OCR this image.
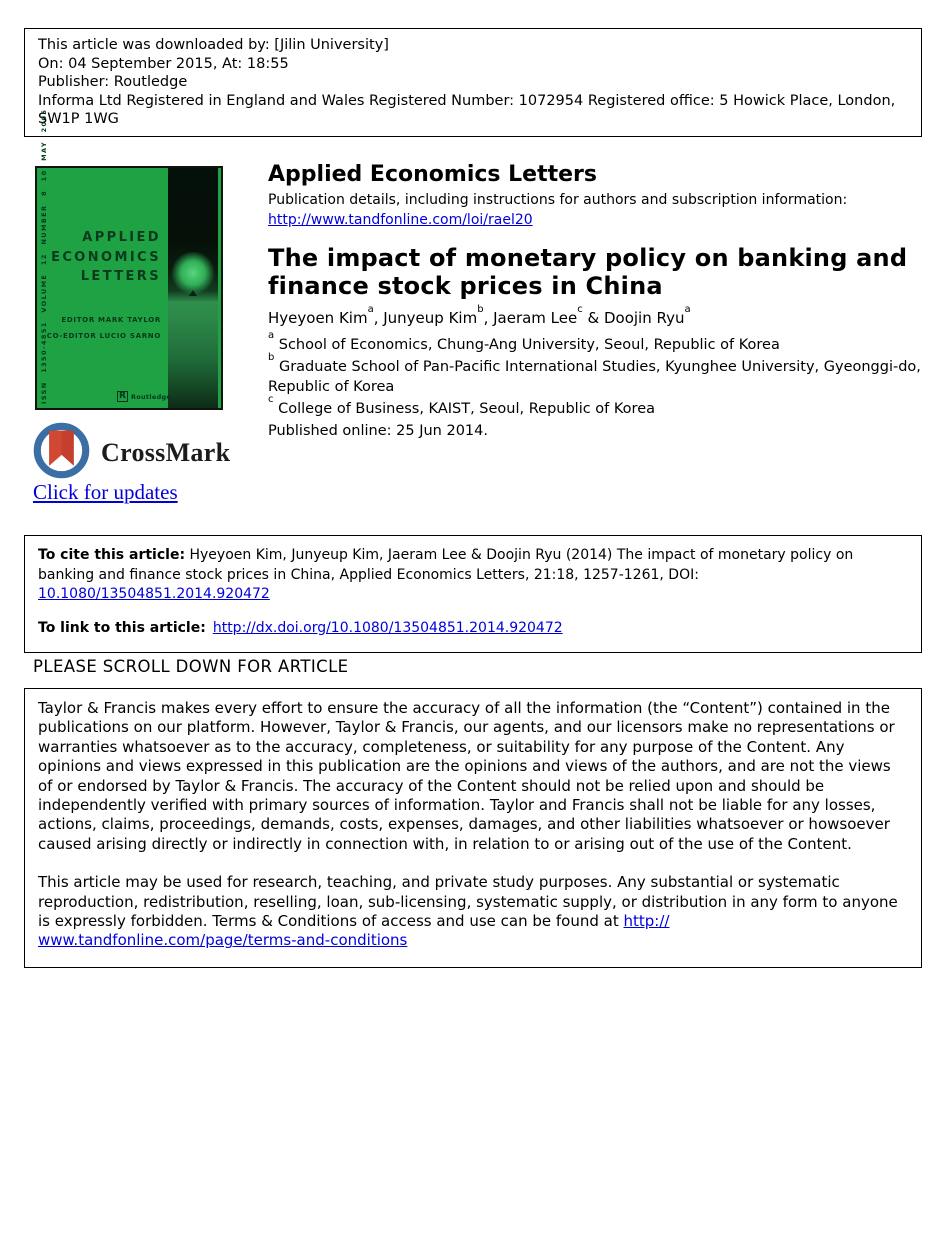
This article was downloaded by: [Jilin University]
On: 04 September 2015, At: 18:55
Publisher: Routledge
Informa Ltd Registered in England and Wales Registered Number: 1072954 Registered office: 5 Howick Place, London, SW1P 1WG
ISSN 1350-4851 VOLUME 12 NUMBER 8 10 MAY 2005	APPLIED
ECONOMICS
LETTERS
EDITOR MARK TAYLOR
CO-EDITOR LUCIO SARNO
R Routledge
CrossMark
Click for updates
Applied Economics Letters
Publication details, including instructions for authors and subscription information:
http://www.tandfonline.com/loi/rael20
The impact of monetary policy on banking and finance stock prices in China

Hyeyoen Kim$^a$, Junyeup Kim$^b$, Jaeram Lee$^c$ & Doojin Ryu$^a$

$^a$ School of Economics, Chung-Ang University, Seoul, Republic of Korea

$^b$ Graduate School of Pan-Pacific International Studies, Kyunghee University, Gyeonggi-do, Republic of Korea

$^c$ College of Business, KAIST, Seoul, Republic of Korea

Published online: 25 Jun 2014.

To cite this article: Hyeyoen Kim, Junyeup Kim, Jaeram Lee & Doojin Ryu (2014) The impact of monetary policy on banking and finance stock prices in China, Applied Economics Letters, 21:18, 1257-1261, DOI: 10.1080/13504851.2014.920472

To link to this article: http://dx.doi.org/10.1080/13504851.2014.920472

PLEASE SCROLL DOWN FOR ARTICLE

Taylor & Francis makes every effort to ensure the accuracy of all the information (the “Content”) contained in the publications on our platform. However, Taylor & Francis, our agents, and our licensors make no representations or warranties whatsoever as to the accuracy, completeness, or suitability for any purpose of the Content. Any opinions and views expressed in this publication are the opinions and views of the authors, and are not the views of or endorsed by Taylor & Francis. The accuracy of the Content should not be relied upon and should be independently verified with primary sources of information. Taylor and Francis shall not be liable for any losses, actions, claims, proceedings, demands, costs, expenses, damages, and other liabilities whatsoever or howsoever caused arising directly or indirectly in connection with, in relation to or arising out of the use of the Content.

This article may be used for research, teaching, and private study purposes. Any substantial or systematic reproduction, redistribution, reselling, loan, sub-licensing, systematic supply, or distribution in any form to anyone is expressly forbidden. Terms & Conditions of access and use can be found at http://www.tandfonline.com/page/terms-and-conditions
